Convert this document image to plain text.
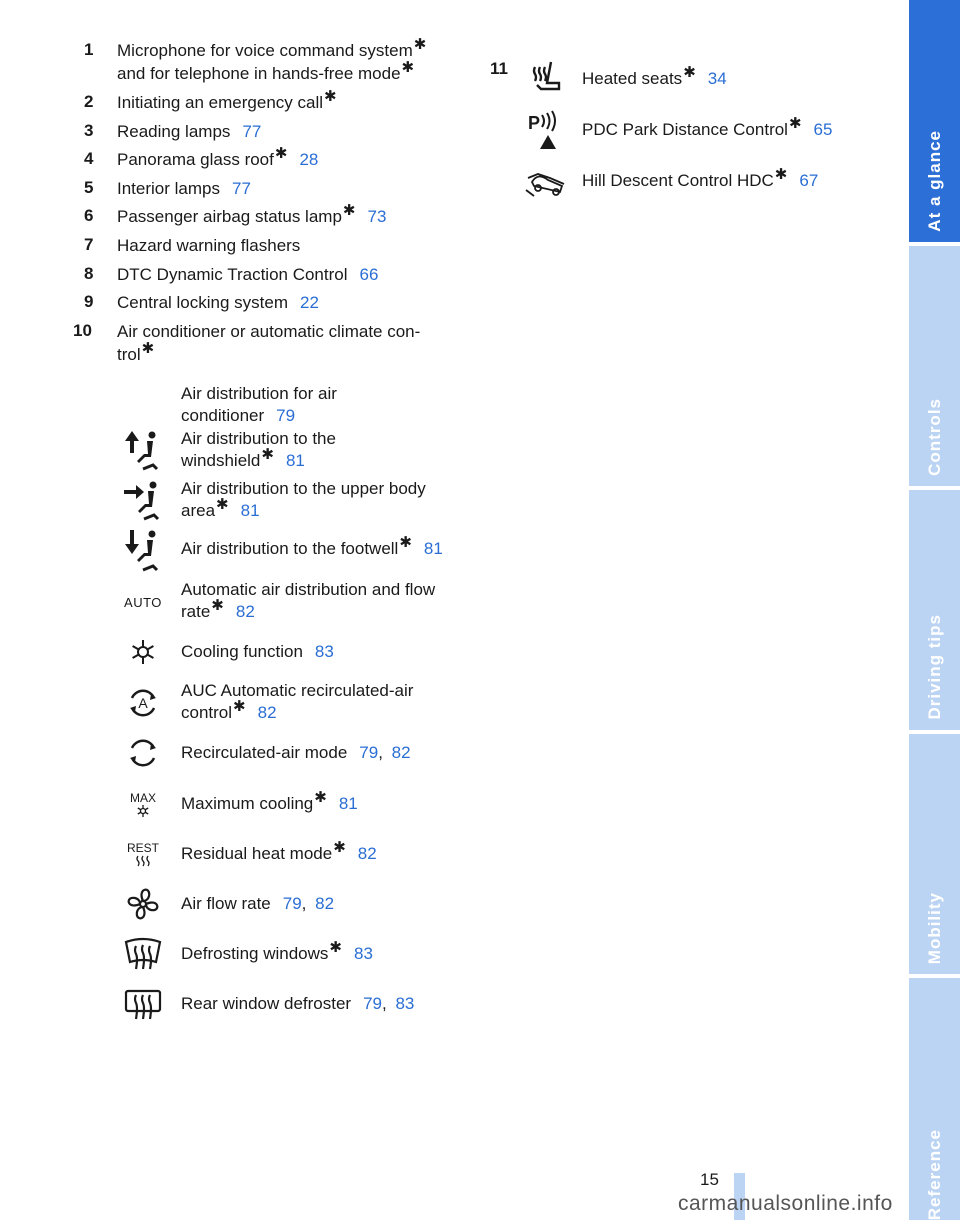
1 Microphone for voice command system✱
and for telephone in hands-free mode✱
2 Initiating an emergency call✱
3 Reading lamps 77
4 Panorama glass roof✱ 28
5 Interior lamps 77
6 Passenger airbag status lamp✱ 73
7 Hazard warning flashers
8 DTC Dynamic Traction Control 66
9 Central locking system 22
10 Air conditioner or automatic climate con-
trol✱
Air distribution for air
conditioner 79
Air distribution to the
windshield✱ 81
Air distribution to the upper body
area✱ 81
Air distribution to the footwell✱ 81
AUTO
Automatic air distribution and flow
rate✱ 82
Cooling function 83
A
AUC Automatic recirculated-air
control✱ 82
Recirculated-air mode 79, 82
MAX Maximum cooling✱ 81
REST Residual heat mode✱ 82
Air flow rate 79, 82
Defrosting windows✱ 83
Rear window defroster 79, 83
11
Heated seats✱ 34
P PDC Park Distance Control✱ 65
Hill Descent Control HDC✱ 67	At a glance
Controls
Driving tips
Mobility
Reference
15
carmanualsonline.info
